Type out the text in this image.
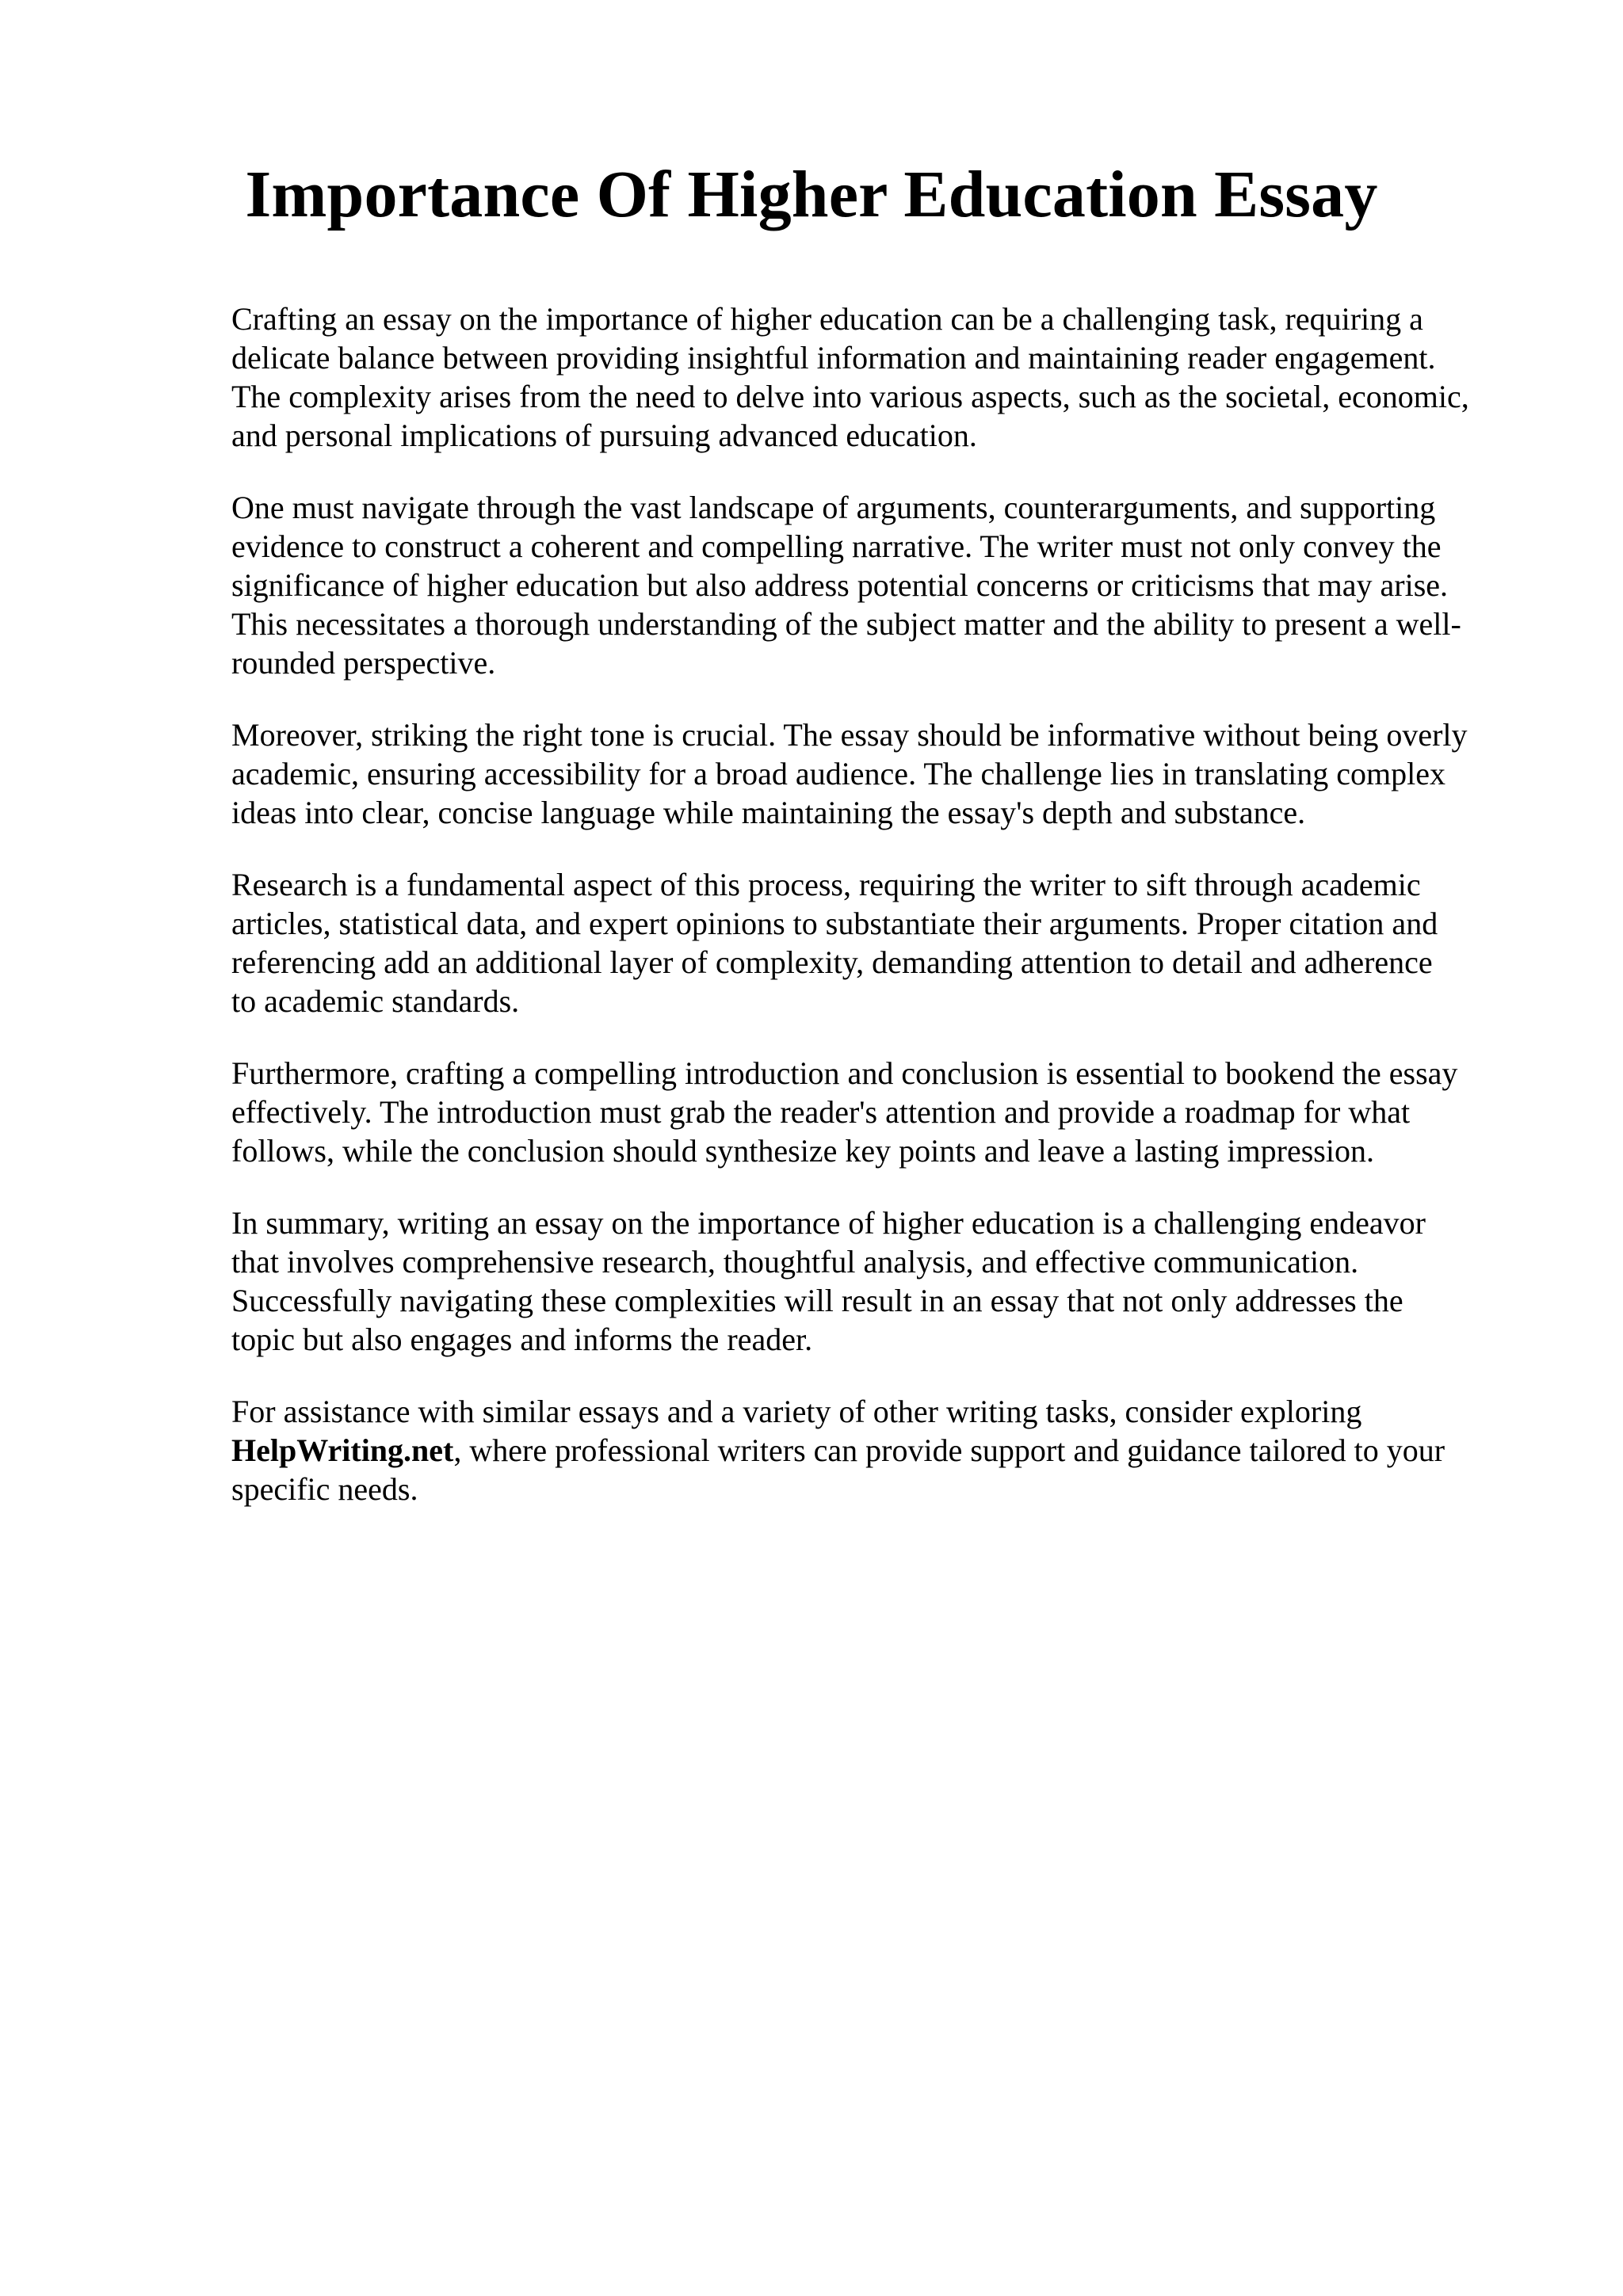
Importance Of Higher Education Essay

Crafting an essay on the importance of higher education can be a challenging task, requiring a
delicate balance between providing insightful information and maintaining reader engagement.
The complexity arises from the need to delve into various aspects, such as the societal, economic,
and personal implications of pursuing advanced education.

One must navigate through the vast landscape of arguments, counterarguments, and supporting
evidence to construct a coherent and compelling narrative. The writer must not only convey the
significance of higher education but also address potential concerns or criticisms that may arise.
This necessitates a thorough understanding of the subject matter and the ability to present a well-
rounded perspective.

Moreover, striking the right tone is crucial. The essay should be informative without being overly
academic, ensuring accessibility for a broad audience. The challenge lies in translating complex
ideas into clear, concise language while maintaining the essay's depth and substance.

Research is a fundamental aspect of this process, requiring the writer to sift through academic
articles, statistical data, and expert opinions to substantiate their arguments. Proper citation and
referencing add an additional layer of complexity, demanding attention to detail and adherence
to academic standards.

Furthermore, crafting a compelling introduction and conclusion is essential to bookend the essay
effectively. The introduction must grab the reader's attention and provide a roadmap for what
follows, while the conclusion should synthesize key points and leave a lasting impression.

In summary, writing an essay on the importance of higher education is a challenging endeavor
that involves comprehensive research, thoughtful analysis, and effective communication.
Successfully navigating these complexities will result in an essay that not only addresses the
topic but also engages and informs the reader.

For assistance with similar essays and a variety of other writing tasks, consider exploring
HelpWriting.net, where professional writers can provide support and guidance tailored to your
specific needs.
